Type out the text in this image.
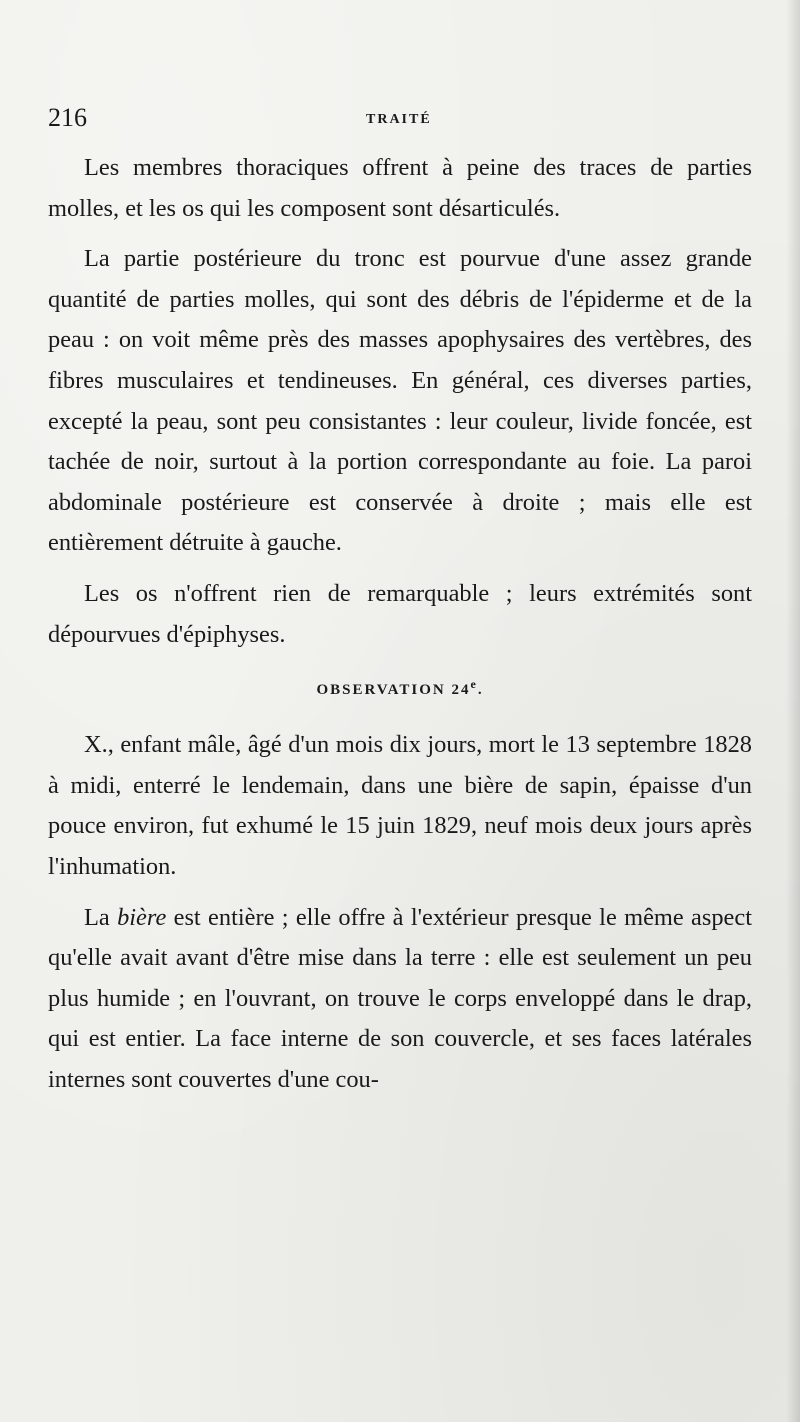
216	TRAITÉ

Les membres thoraciques offrent à peine des traces de parties molles, et les os qui les composent sont désarticulés.

La partie postérieure du tronc est pourvue d'une assez grande quantité de parties molles, qui sont des débris de l'épiderme et de la peau : on voit même près des masses apophysaires des vertèbres, des fibres musculaires et tendineuses. En général, ces diverses parties, excepté la peau, sont peu consistantes : leur couleur, livide foncée, est tachée de noir, surtout à la portion correspondante au foie. La paroi abdominale postérieure est conservée à droite ; mais elle est entièrement détruite à gauche.

Les os n'offrent rien de remarquable ; leurs extrémités sont dépourvues d'épiphyses.

OBSERVATION 24e.

X., enfant mâle, âgé d'un mois dix jours, mort le 13 septembre 1828 à midi, enterré le lendemain, dans une bière de sapin, épaisse d'un pouce environ, fut exhumé le 15 juin 1829, neuf mois deux jours après l'inhumation.

La bière est entière ; elle offre à l'extérieur presque le même aspect qu'elle avait avant d'être mise dans la terre : elle est seulement un peu plus humide ; en l'ouvrant, on trouve le corps enveloppé dans le drap, qui est entier. La face interne de son couvercle, et ses faces latérales internes sont couvertes d'une cou-
